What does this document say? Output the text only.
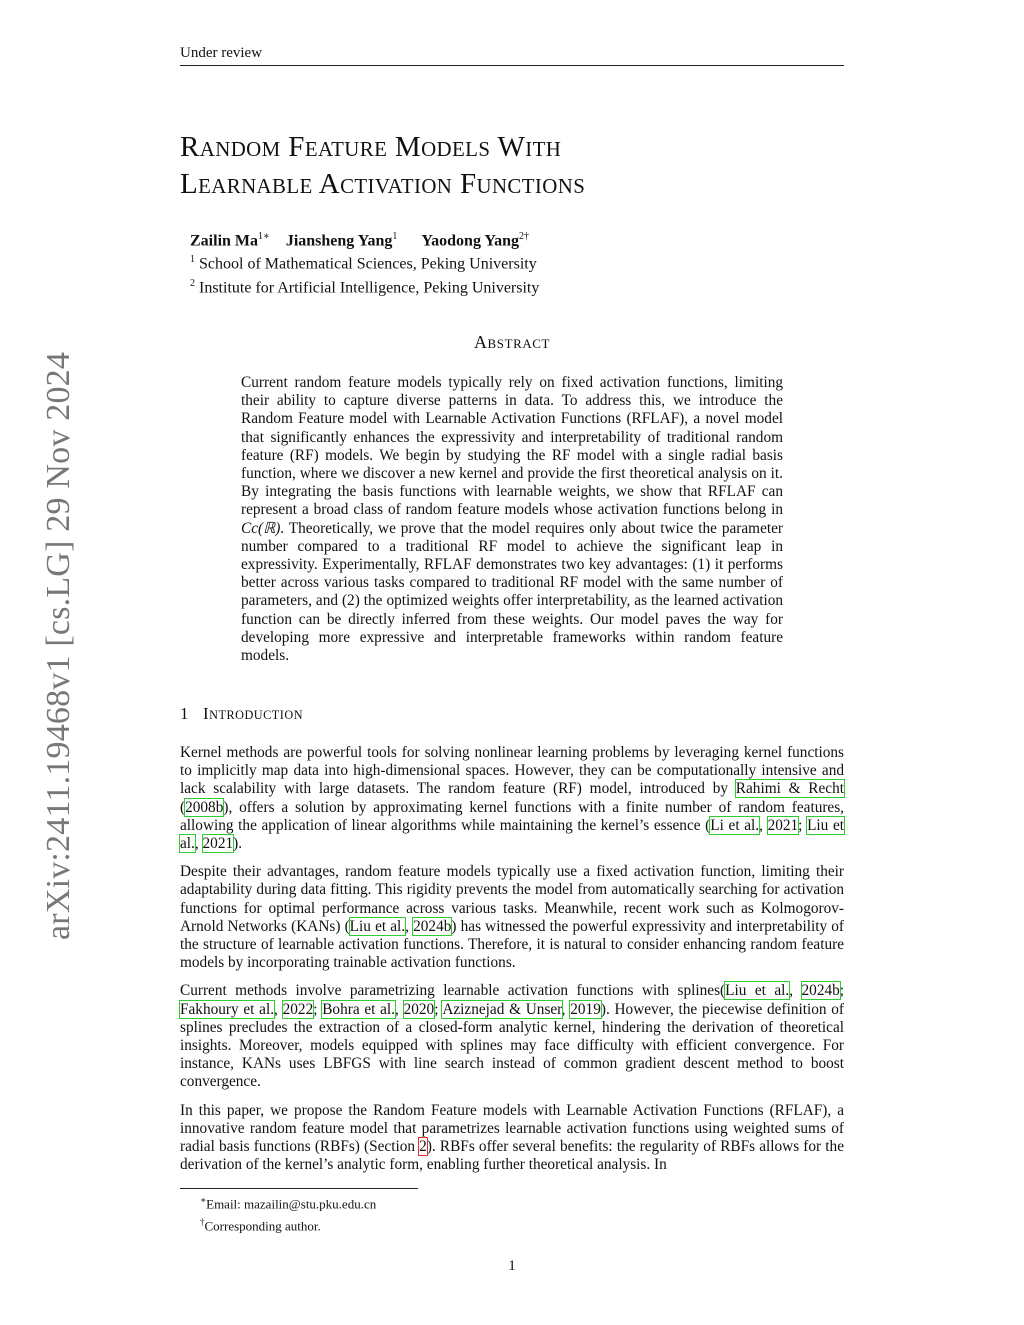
Under review
arXiv:2411.19468v1 [cs.LG] 29 Nov 2024
RANDOM FEATURE MODELS WITH
LEARNABLE ACTIVATION FUNCTIONS
Zailin $Ma^{1∗}$ Jiansheng Yang$^1$ Yaodong Yang$^{2\dagger}$
$^1$ School of Mathematical Sciences, Peking University
$^2$ Institute for Artificial Intelligence, Peking University
ABSTRACT

Current random feature models typically rely on fixed activation functions, limiting their ability to capture diverse patterns in data. To address this, we introduce the Random Feature model with Learnable Activation Functions (RFLAF), a novel model that significantly enhances the expressivity and interpretability of traditional random feature (RF) models. We begin by studying the RF model with a single radial basis function, where we discover a new kernel and provide the first theoretical analysis on it. By integrating the basis functions with learnable weights, we show that RFLAF can represent a broad class of random feature models whose activation functions belong in Cc(ℝ). Theoretically, we prove that the model requires only about twice the parameter number compared to a traditional RF model to achieve the significant leap in expressivity. Experimentally, RFLAF demonstrates two key advantages: (1) it performs better across various tasks compared to traditional RF model with the same number of parameters, and (2) the optimized weights offer interpretability, as the learned activation function can be directly inferred from these weights. Our model paves the way for developing more expressive and interpretable frameworks within random feature models.

1 INTRODUCTION

Kernel methods are powerful tools for solving nonlinear learning problems by leveraging kernel functions to implicitly map data into high-dimensional spaces. However, they can be computationally intensive and lack scalability with large datasets. The random feature (RF) model, introduced by Rahimi & Recht (2008b), offers a solution by approximating kernel functions with a finite number of random features, allowing the application of linear algorithms while maintaining the kernel’s essence (Li et al., 2021; Liu et al., 2021).

Despite their advantages, random feature models typically use a fixed activation function, limiting their adaptability during data fitting. This rigidity prevents the model from automatically searching for activation functions for optimal performance across various tasks. Meanwhile, recent work such as Kolmogorov-Arnold Networks (KANs) (Liu et al., 2024b) has witnessed the powerful expressivity and interpretability of the structure of learnable activation functions. Therefore, it is natural to consider enhancing random feature models by incorporating trainable activation functions.

Current methods involve parametrizing learnable activation functions with splines(Liu et al., 2024b; Fakhoury et al., 2022; Bohra et al., 2020; Aziznejad & Unser, 2019). However, the piecewise definition of splines precludes the extraction of a closed-form analytic kernel, hindering the derivation of theoretical insights. Moreover, models equipped with splines may face difficulty with efficient convergence. For instance, KANs uses LBFGS with line search instead of common gradient descent method to boost convergence.

In this paper, we propose the Random Feature models with Learnable Activation Functions (RFLAF), a innovative random feature model that parametrizes learnable activation functions using weighted sums of radial basis functions (RBFs) (Section 2). RBFs offer several benefits: the regularity of RBFs allows for the derivation of the kernel’s analytic form, enabling further theoretical analysis. In

∗Email: mazailin@stu.pku.edu.cn
†Corresponding author.
1
